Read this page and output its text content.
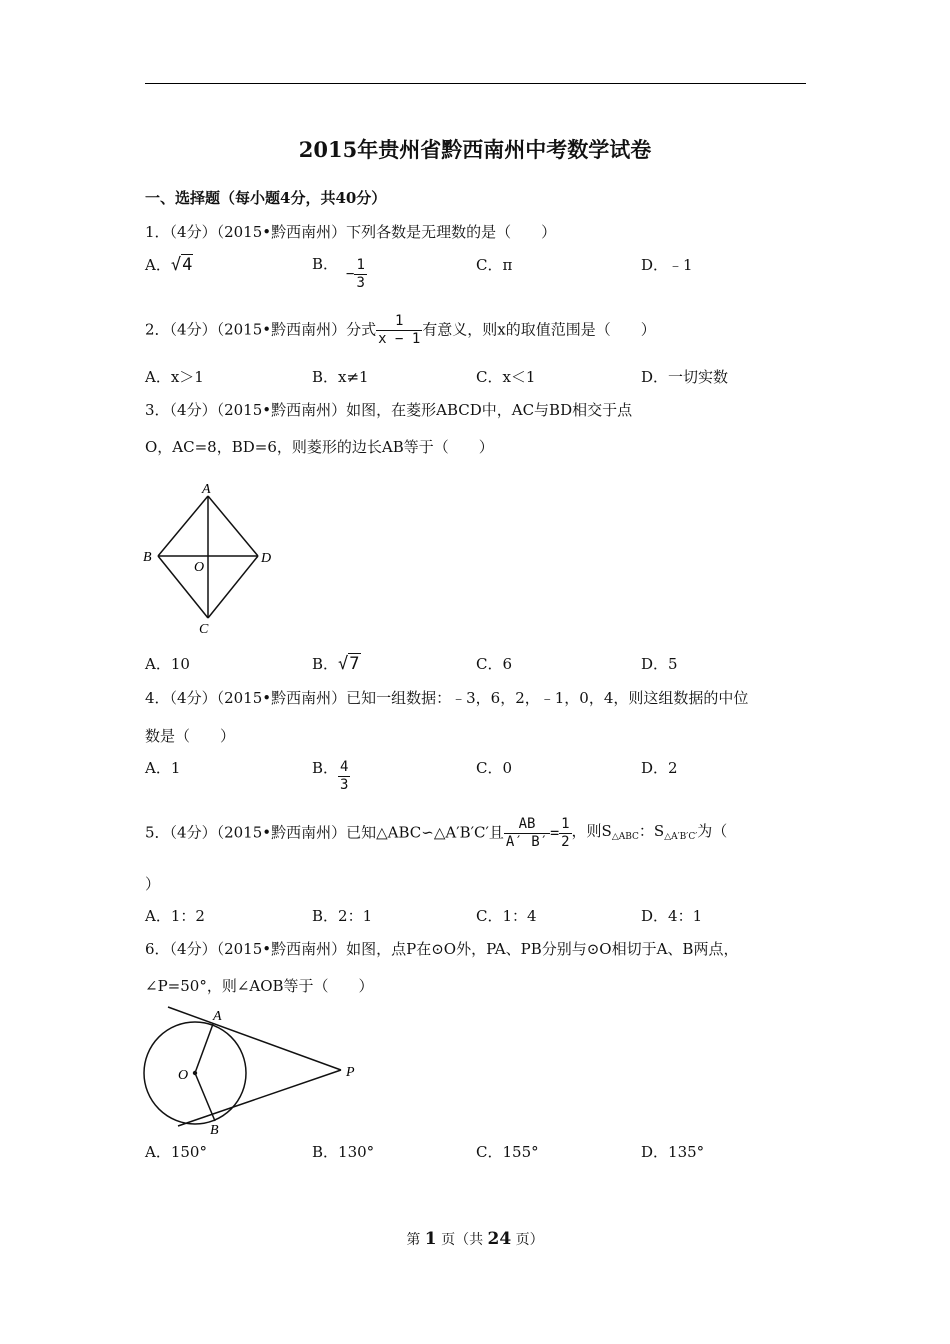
2015年贵州省黔西南州中考数学试卷
一、选择题（每小题4分，共40分）
1．（4分）（2015•黔西南州）下列各数是无理数的是（　　）
A．√4	B．
− $\frac{1}{3}$	C．π	D．﹣1
2．（4分）（2015•黔西南州）分式 $\frac{1}{x - 1}$ 有意义，则x的取值范围是（　　）
A．x＞1	B．x≠1	C．x＜1	D．一切实数
3．（4分）（2015•黔西南州）如图，在菱形ABCD中，AC与BD相交于点
O，AC=8，BD=6，则菱形的边长AB等于（　　）
A
B
C
D
O
A．10	B．√7	C．6	D．5
4．（4分）（2015•黔西南州）已知一组数据：﹣3，6，2，﹣1，0，4，则这组数据的中位
数是（　　）
A．1	B． $\frac{4}{3}$	C．0	D．2
5．（4分）（2015•黔西南州）已知△ABC∽△A′B′C′且 $\frac{AB}{A' B'} = \frac{1}{2}$ ，则$S_{\triangle ABC}$：$S_{\triangle A'B'C'}$为（
）
A．1：2	B．2：1	C．1：4	D．4：1
6．（4分）（2015•黔西南州）如图，点P在⊙O外，PA、PB分别与⊙O相切于A、B两点，
∠P=50°，则∠AOB等于（　　）
A
B
O	P
A．150°	B．130°	C．155°	D．135°
第 1 页（共 24 页）
